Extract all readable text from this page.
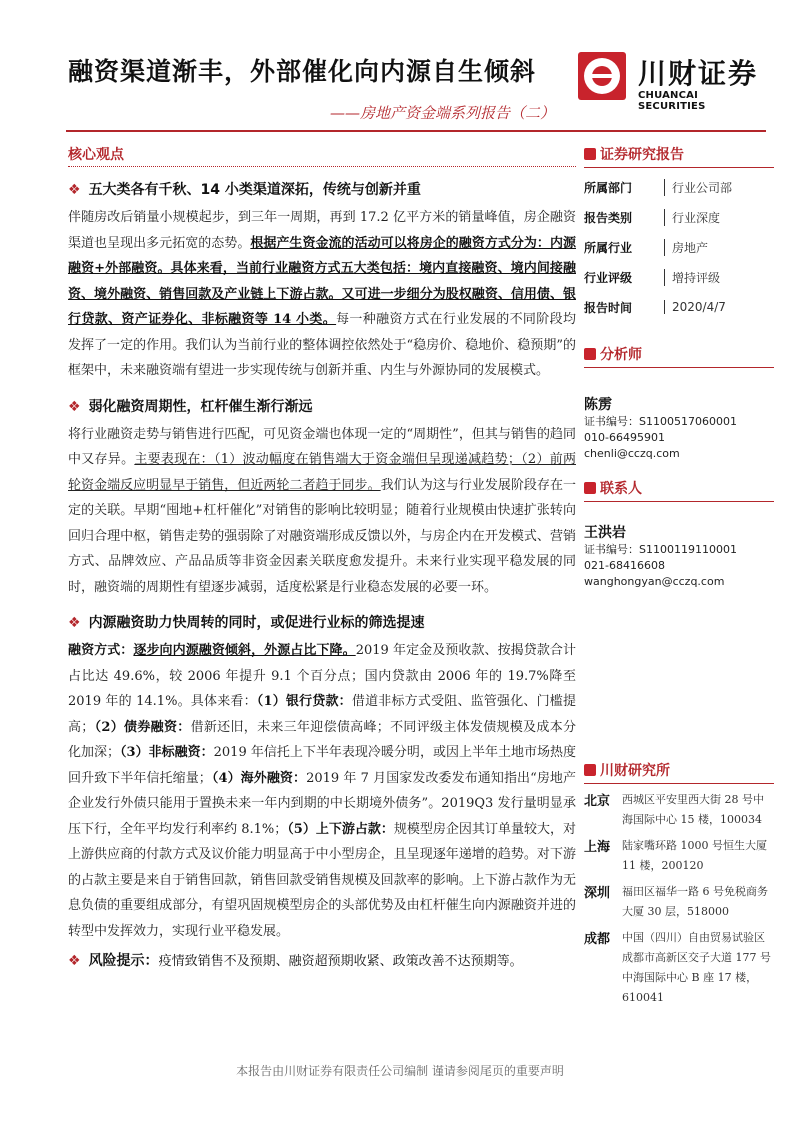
融资渠道渐丰，外部催化向内源自生倾斜
——房地产资金端系列报告（二）
川财证券
CHUANCAI SECURITIES
核心观点
❖ 五大类各有千秋、14 小类渠道深拓，传统与创新并重

伴随房改后销量小规模起步，到三年一周期，再到 17.2 亿平方米的销量峰值，房企融资渠道也呈现出多元拓宽的态势。根据产生资金流的活动可以将房企的融资方式分为：内源融资+外部融资。具体来看，当前行业融资方式五大类包括：境内直接融资、境内间接融资、境外融资、销售回款及产业链上下游占款。又可进一步细分为股权融资、信用债、银行贷款、资产证券化、非标融资等 14 小类。每一种融资方式在行业发展的不同阶段均发挥了一定的作用。我们认为当前行业的整体调控依然处于“稳房价、稳地价、稳预期”的框架中，未来融资端有望进一步实现传统与创新并重、内生与外源协同的发展模式。

❖ 弱化融资周期性，杠杆催生渐行渐远

将行业融资走势与销售进行匹配，可见资金端也体现一定的“周期性”，但其与销售的趋同中又存异。主要表现在：（1）波动幅度在销售端大于资金端但呈现递减趋势；（2）前两轮资金端反应明显早于销售，但近两轮二者趋于同步。我们认为这与行业发展阶段存在一定的关联。早期“囤地+杠杆催化”对销售的影响比较明显；随着行业规模由快速扩张转向回归合理中枢，销售走势的强弱除了对融资端形成反馈以外，与房企内在开发模式、营销方式、品牌效应、产品品质等非资金因素关联度愈发提升。未来行业实现平稳发展的同时，融资端的周期性有望逐步减弱，适度松紧是行业稳态发展的必要一环。

❖ 内源融资助力快周转的同时，或促进行业标的筛选提速

融资方式：逐步向内源融资倾斜，外源占比下降。2019 年定金及预收款、按揭贷款合计占比达 49.6%，较 2006 年提升 9.1 个百分点；国内贷款由 2006 年的 19.7%降至 2019 年的 14.1%。具体来看：（1）银行贷款：借道非标方式受阻、监管强化、门槛提高；（2）债券融资：借新还旧，未来三年迎偿债高峰；不同评级主体发债规模及成本分化加深；（3）非标融资：2019 年信托上下半年表现冷暖分明，或因上半年土地市场热度回升致下半年信托缩量；（4）海外融资：2019 年 7 月国家发改委发布通知指出“房地产企业发行外债只能用于置换未来一年内到期的中长期境外债务”。2019Q3 发行量明显承压下行，全年平均发行利率约 8.1%；（5）上下游占款：规模型房企因其订单量较大，对上游供应商的付款方式及议价能力明显高于中小型房企，且呈现逐年递增的趋势。对下游的占款主要是来自于销售回款，销售回款受销售规模及回款率的影响。上下游占款作为无息负债的重要组成部分，有望巩固规模型房企的头部优势及由杠杆催生向内源融资并进的转型中发挥效力，实现行业平稳发展。

❖ 风险提示：疫情致销售不及预期、融资超预期收紧、政策改善不达预期等。
证券研究报告
所属部门	行业公司部
报告类别	行业深度
所属行业	房地产
行业评级	增持评级
报告时间	2020/4/7
分析师
陈雳
证书编号：S1100517060001
010-66495901
chenli@cczq.com
联系人
王洪岩
证书编号：S1100119110001
021-68416608
wanghongyan@cczq.com
川财研究所
北京	西城区平安里西大街 28 号中海国际中心 15 楼，100034
上海	陆家嘴环路 1000 号恒生大厦 11 楼，200120
深圳	福田区福华一路 6 号免税商务大厦 30 层，518000
成都	中国（四川）自由贸易试验区成都市高新区交子大道 177 号中海国际中心 B 座 17 楼，610041
本报告由川财证券有限责任公司编制 谨请参阅尾页的重要声明
